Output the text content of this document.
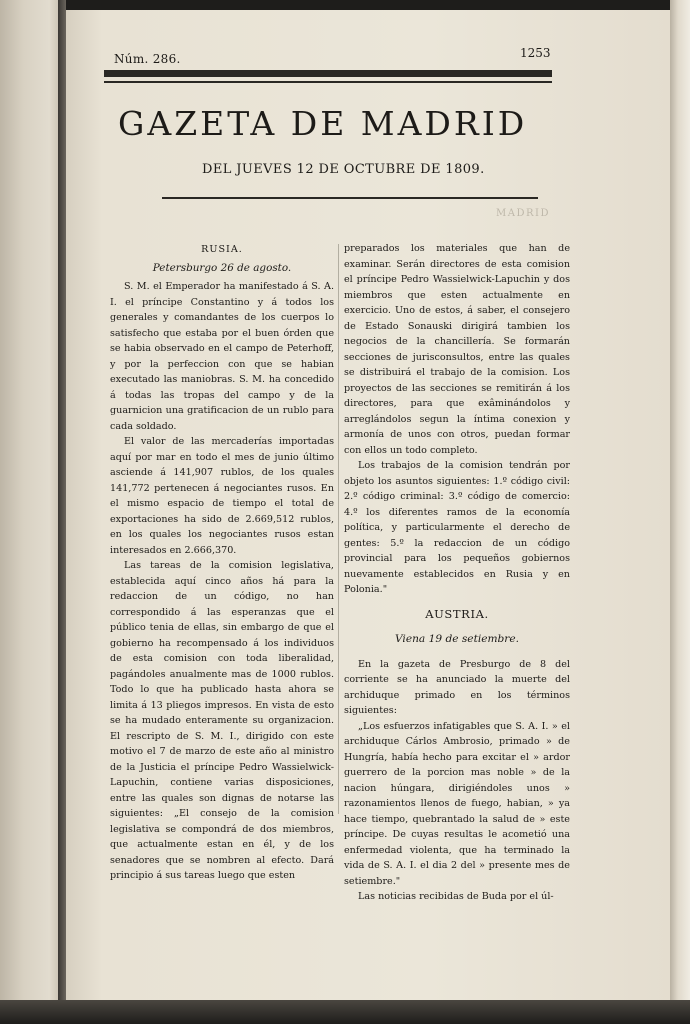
Núm. 286.	1253
GAZETA DE MADRID
DEL JUEVES 12 DE OCTUBRE DE 1809.
MADRID

RUSIA.

Petersburgo 26 de agosto.

S. M. el Emperador ha manifestado á S. A. I. el príncipe Constantino y á todos los generales y comandantes de los cuerpos lo satisfecho que estaba por el buen órden que se habia observado en el campo de Peterhoff, y por la perfeccion con que se habian executado las maniobras. S. M. ha concedido á todas las tropas del campo y de la guarnicion una gratificacion de un rublo para cada soldado.

El valor de las mercaderías importadas aquí por mar en todo el mes de junio último asciende á 141,907 rublos, de los quales 141,772 pertenecen á negociantes rusos. En el mismo espacio de tiempo el total de exportaciones ha sido de 2.669,512 rublos, en los quales los negociantes rusos estan interesados en 2.666,370.

Las tareas de la comision legislativa, establecida aquí cinco años há para la redaccion de un código, no han correspondido á las esperanzas que el público tenia de ellas, sin embargo de que el gobierno ha recompensado á los individuos de esta comision con toda liberalidad, pagándoles anualmente mas de 1000 rublos. Todo lo que ha publicado hasta ahora se limita á 13 pliegos impresos. En vista de esto se ha mudado enteramente su organizacion. El rescripto de S. M. I., dirigido con este motivo el 7 de marzo de este año al ministro de la Justicia el príncipe Pedro Wassielwick-Lapuchin, contiene varias disposiciones, entre las quales son dignas de notarse las siguientes: „El consejo de la comision legislativa se compondrá de dos miembros, que actualmente estan en él, y de los senadores que se nombren al efecto. Dará principio á sus tareas luego que esten

preparados los materiales que han de examinar. Serán directores de esta comision el príncipe Pedro Wassielwick-Lapuchin y dos miembros que esten actualmente en exercicio. Uno de estos, á saber, el consejero de Estado Sonauski dirigirá tambien los negocios de la chancillería. Se formarán secciones de jurisconsultos, entre las quales se distribuirá el trabajo de la comision. Los proyectos de las secciones se remitirán á los directores, para que exâminándolos y arreglándolos segun la íntima conexion y armonía de unos con otros, puedan formar con ellos un todo completo.

Los trabajos de la comision tendrán por objeto los asuntos siguientes: 1.º código civil: 2.º código criminal: 3.º código de comercio: 4.º los diferentes ramos de la economía política, y particularmente el derecho de gentes: 5.º la redaccion de un código provincial para los pequeños gobiernos nuevamente establecidos en Rusia y en Polonia."

AUSTRIA.

Viena 19 de setiembre.

En la gazeta de Presburgo de 8 del corriente se ha anunciado la muerte del archiduque primado en los términos siguientes:

„Los esfuerzos infatigables que S. A. I. » el archiduque Cárlos Ambrosio, primado » de Hungría, había hecho para excitar el » ardor guerrero de la porcion mas noble » de la nacion húngara, dirigiéndoles unos » razonamientos llenos de fuego, habian, » ya hace tiempo, quebrantado la salud de » este príncipe. De cuyas resultas le acometió una enfermedad violenta, que ha terminado la vida de S. A. I. el dia 2 del » presente mes de setiembre."

Las noticias recibidas de Buda por el úl-
